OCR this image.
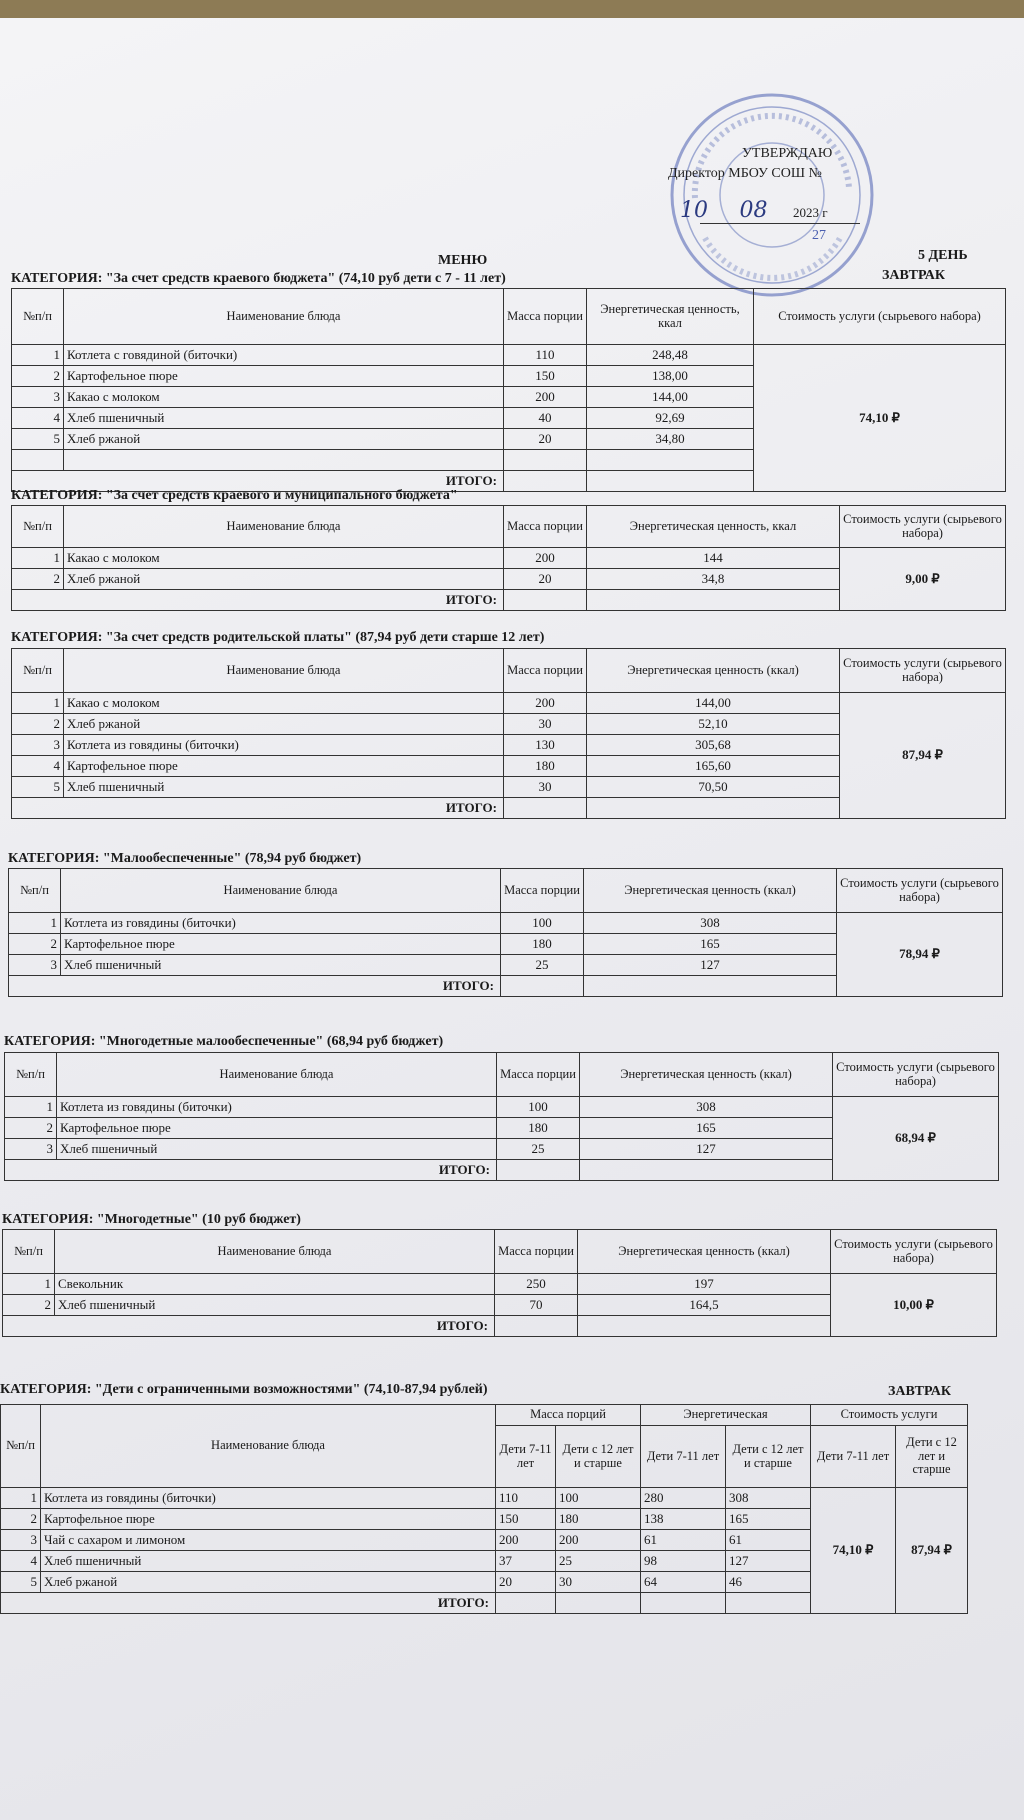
УТВЕРЖДАЮ
Директор МБОУ СОШ №
10 08 2023 г
27
МЕНЮ	5 ДЕНЬ
ЗАВТРАК
КАТЕГОРИЯ: "За счет средств краевого бюджета" (74,10 руб дети с 7 - 11 лет)
№п/п	Наименование блюда	Масса порции	Энергетическая ценность, ккал	Стоимость услуги (сырьевого набора)
1	Котлета с говядиной (биточки)	110	248,48	74,10 ₽
2	Картофельное пюре	150	138,00	
3	Какао с молоком	200	144,00	
4	Хлеб пшеничный	40	92,69	
5	Хлеб ржаной	20	34,80	

ИТОГО:				
КАТЕГОРИЯ: "За счет средств краевого и муниципального бюджета"
№п/п	Наименование блюда	Масса порции	Энергетическая ценность, ккал	Стоимость услуги (сырьевого набора)
1	Какао с молоком	200	144	9,00 ₽
2	Хлеб ржаной	20	34,8	
ИТОГО:				
КАТЕГОРИЯ: "За счет средств родительской платы" (87,94 руб дети старше 12 лет)
№п/п	Наименование блюда	Масса порции	Энергетическая ценность (ккал)	Стоимость услуги (сырьевого набора)
1	Какао с молоком	200	144,00	87,94 ₽
2	Хлеб ржаной	30	52,10	
3	Котлета из говядины (биточки)	130	305,68	
4	Картофельное пюре	180	165,60	
5	Хлеб пшеничный	30	70,50	
ИТОГО:				
КАТЕГОРИЯ: "Малообеспеченные" (78,94 руб бюджет)
№п/п	Наименование блюда	Масса порции	Энергетическая ценность (ккал)	Стоимость услуги (сырьевого набора)
1	Котлета из говядины (биточки)	100	308	78,94 ₽
2	Картофельное пюре	180	165	
3	Хлеб пшеничный	25	127	
ИТОГО:				
КАТЕГОРИЯ: "Многодетные малообеспеченные" (68,94 руб бюджет)
№п/п	Наименование блюда	Масса порции	Энергетическая ценность (ккал)	Стоимость услуги (сырьевого набора)
1	Котлета из говядины (биточки)	100	308	68,94 ₽
2	Картофельное пюре	180	165	
3	Хлеб пшеничный	25	127	
ИТОГО:				
КАТЕГОРИЯ: "Многодетные" (10 руб бюджет)
№п/п	Наименование блюда	Масса порции	Энергетическая ценность (ккал)	Стоимость услуги (сырьевого набора)
1	Свекольник	250	197	10,00 ₽
2	Хлеб пшеничный	70	164,5	
ИТОГО:				
КАТЕГОРИЯ: "Дети с ограниченными возможностями" (74,10-87,94 рублей)	ЗАВТРАК
№п/п	Наименование блюда	Масса порций		Энергетическая		Стоимость услуги	
		Дети 7-11 лет	Дети с 12 лет и старше	Дети 7-11 лет	Дети с 12 лет и старше	Дети 7-11 лет	Дети с 12 лет и старше
1	Котлета из говядины (биточки)	110	100	280	308	74,10 ₽	87,94 ₽
2	Картофельное пюре	150	180	138	165		
3	Чай с сахаром и лимоном	200	200	61	61		
4	Хлеб пшеничный	37	25	98	127		
5	Хлеб ржаной	20	30	64	46		
ИТОГО:							
